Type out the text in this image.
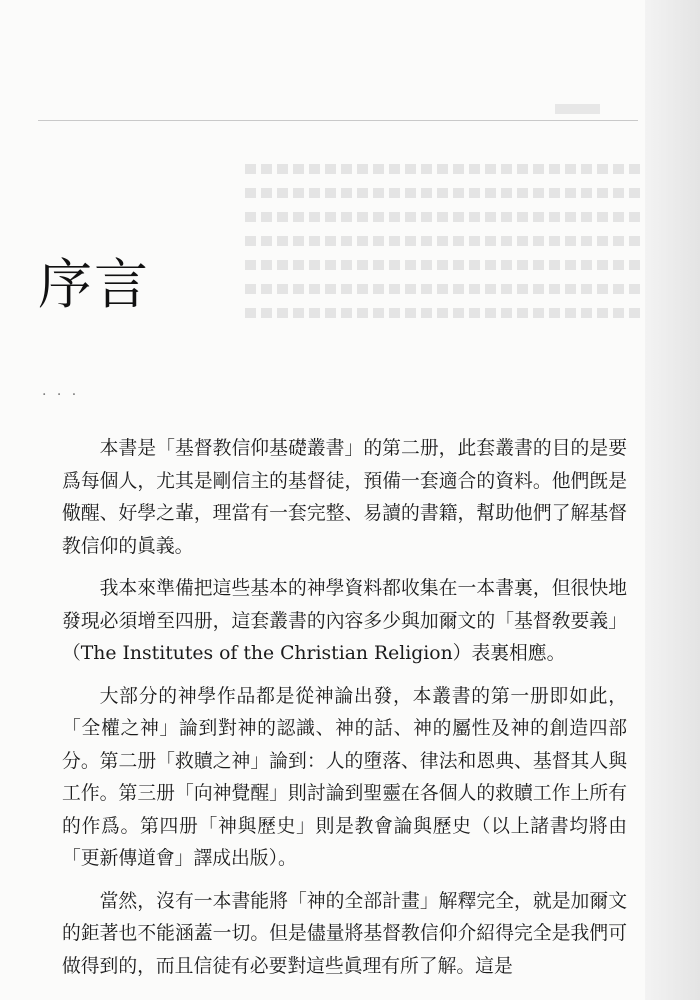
序言
· · ·

本書是「基督教信仰基礎叢書」的第二册，此套叢書的目的是要爲每個人，尤其是剛信主的基督徒，預備一套適合的資料。他們旣是儆醒、好學之輩，理當有一套完整、易讀的書籍，幫助他們了解基督教信仰的眞義。

我本來準備把這些基本的神學資料都收集在一本書裏，但很快地發現必須增至四册，這套叢書的內容多少與加爾文的「基督敎要義」（The Institutes of the Christian Religion）表裏相應。

大部分的神學作品都是從神論出發，本叢書的第一册即如此，「全權之神」論到對神的認識、神的話、神的屬性及神的創造四部分。第二册「救贖之神」論到：人的墮落、律法和恩典、基督其人與工作。第三册「向神覺醒」則討論到聖靈在各個人的救贖工作上所有的作爲。第四册「神與歷史」則是教會論與歷史（以上諸書均將由「更新傳道會」譯成出版）。

當然，沒有一本書能將「神的全部計畫」解釋完全，就是加爾文的鉅著也不能涵蓋一切。但是儘量將基督教信仰介紹得完全是我們可做得到的，而且信徒有必要對這些眞理有所了解。這是
